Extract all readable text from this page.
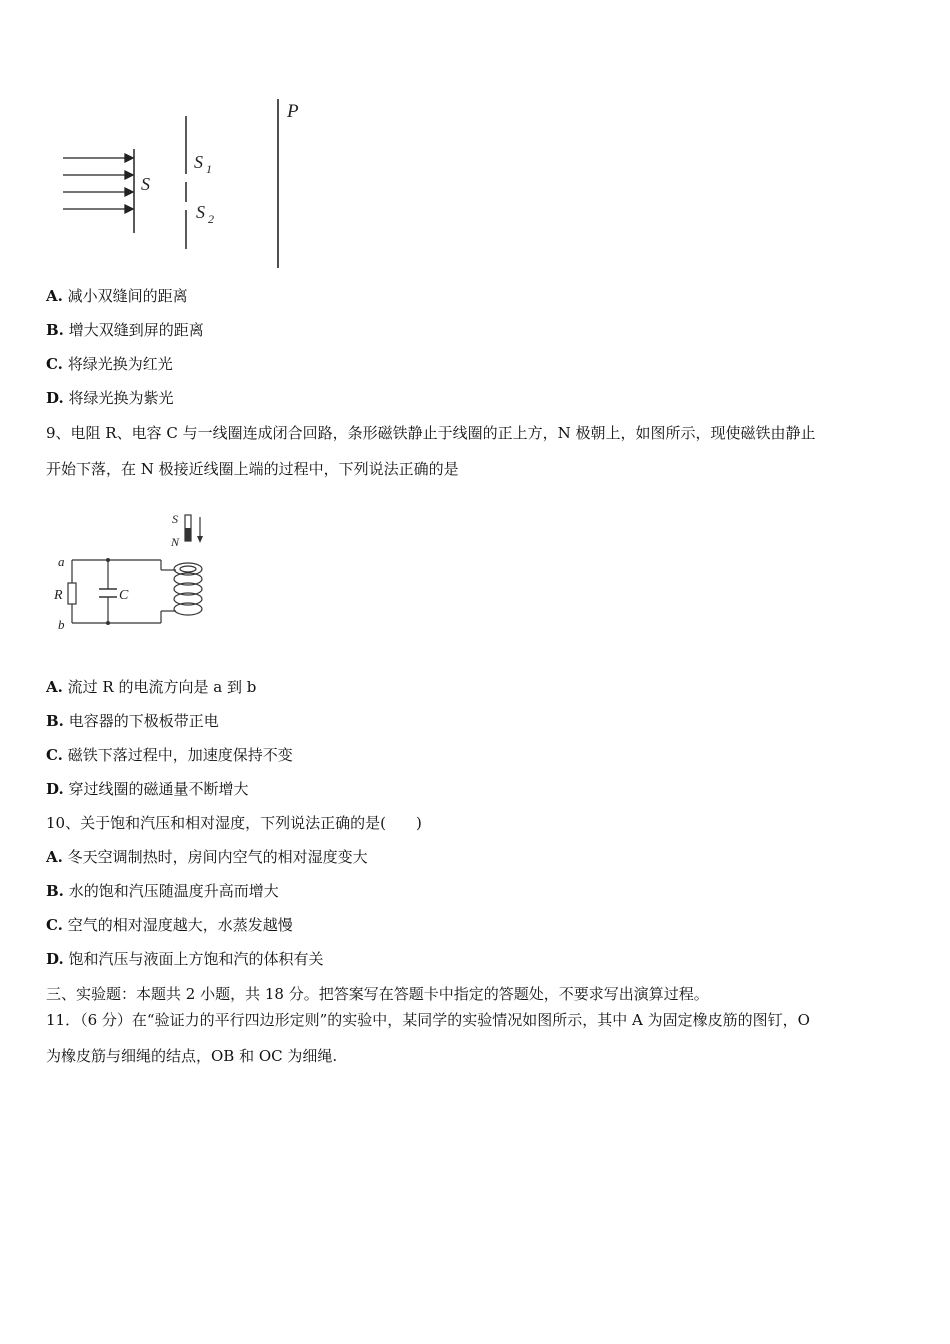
S
S 1
S 2
P
A. 减小双缝间的距离
B. 增大双缝到屏的距离
C. 将绿光换为红光
D. 将绿光换为紫光
9、电阻 R、电容 C 与一线圈连成闭合回路，条形磁铁静止于线圈的正上方，N 极朝上，如图所示，现使磁铁由静止
开始下落，在 N 极接近线圈上端的过程中，下列说法正确的是
a
b
R	C
S
N
A. 流过 R 的电流方向是 a 到 b
B. 电容器的下极板带正电
C. 磁铁下落过程中，加速度保持不变
D. 穿过线圈的磁通量不断增大
10、关于饱和汽压和相对湿度，下列说法正确的是(　　)
A. 冬天空调制热时，房间内空气的相对湿度变大
B. 水的饱和汽压随温度升高而增大
C. 空气的相对湿度越大，水蒸发越慢
D. 饱和汽压与液面上方饱和汽的体积有关
三、实验题：本题共 2 小题，共 18 分。把答案写在答题卡中指定的答题处，不要求写出演算过程。
11．（6 分）在“验证力的平行四边形定则”的实验中，某同学的实验情况如图所示，其中 A 为固定橡皮筋的图钉，O
为橡皮筋与细绳的结点，OB 和 OC 为细绳.
